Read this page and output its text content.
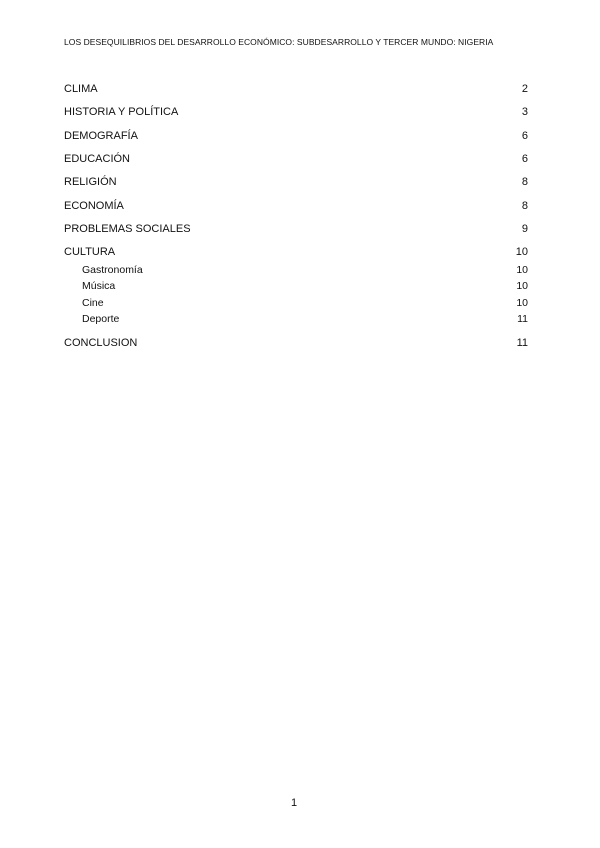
LOS DESEQUILIBRIOS DEL DESARROLLO ECONÓMICO: SUBDESARROLLO Y TERCER MUNDO: NIGERIA
CLIMA	2
HISTORIA Y POLÍTICA	3
DEMOGRAFÍA	6
EDUCACIÓN	6
RELIGIÓN	8
ECONOMÍA	8
PROBLEMAS SOCIALES	9
CULTURA	10
Gastronomía	10
Música	10
Cine	10
Deporte	11
CONCLUSION	11
1
